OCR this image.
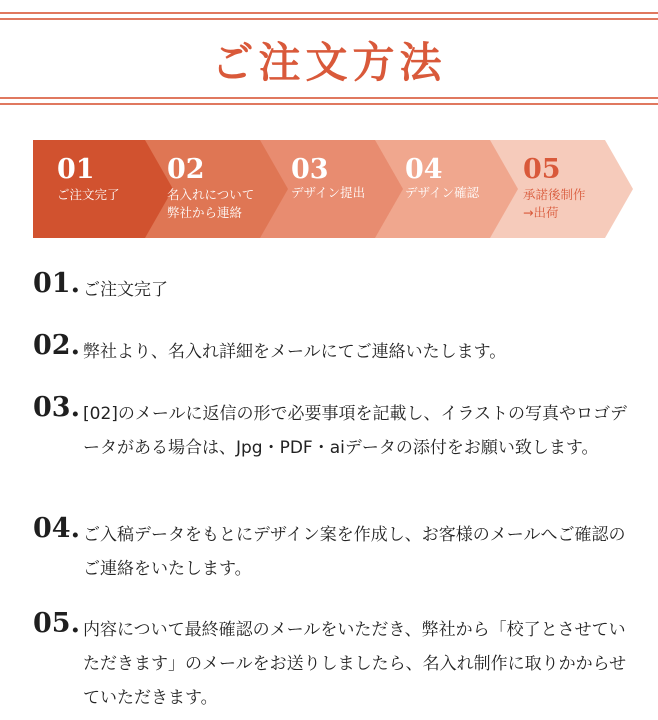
ご注文方法
01
ご注文完了
02
名入れについて
弊社から連絡
03
デザイン提出
04
デザイン確認
05
承諾後制作
→出荷
01. ご注文完了
02. 弊社より、名入れ詳細をメールにてご連絡いたします。
03. [02]のメールに返信の形で必要事項を記載し、イラストの写真やロゴデータがある場合は、Jpg・PDF・aiデータの添付をお願い致します。
04. ご入稿データをもとにデザイン案を作成し、お客様のメールへご確認のご連絡をいたします。
05. 内容について最終確認のメールをいただき、弊社から「校了とさせていただきます」のメールをお送りしましたら、名入れ制作に取りかからせていただきます。
